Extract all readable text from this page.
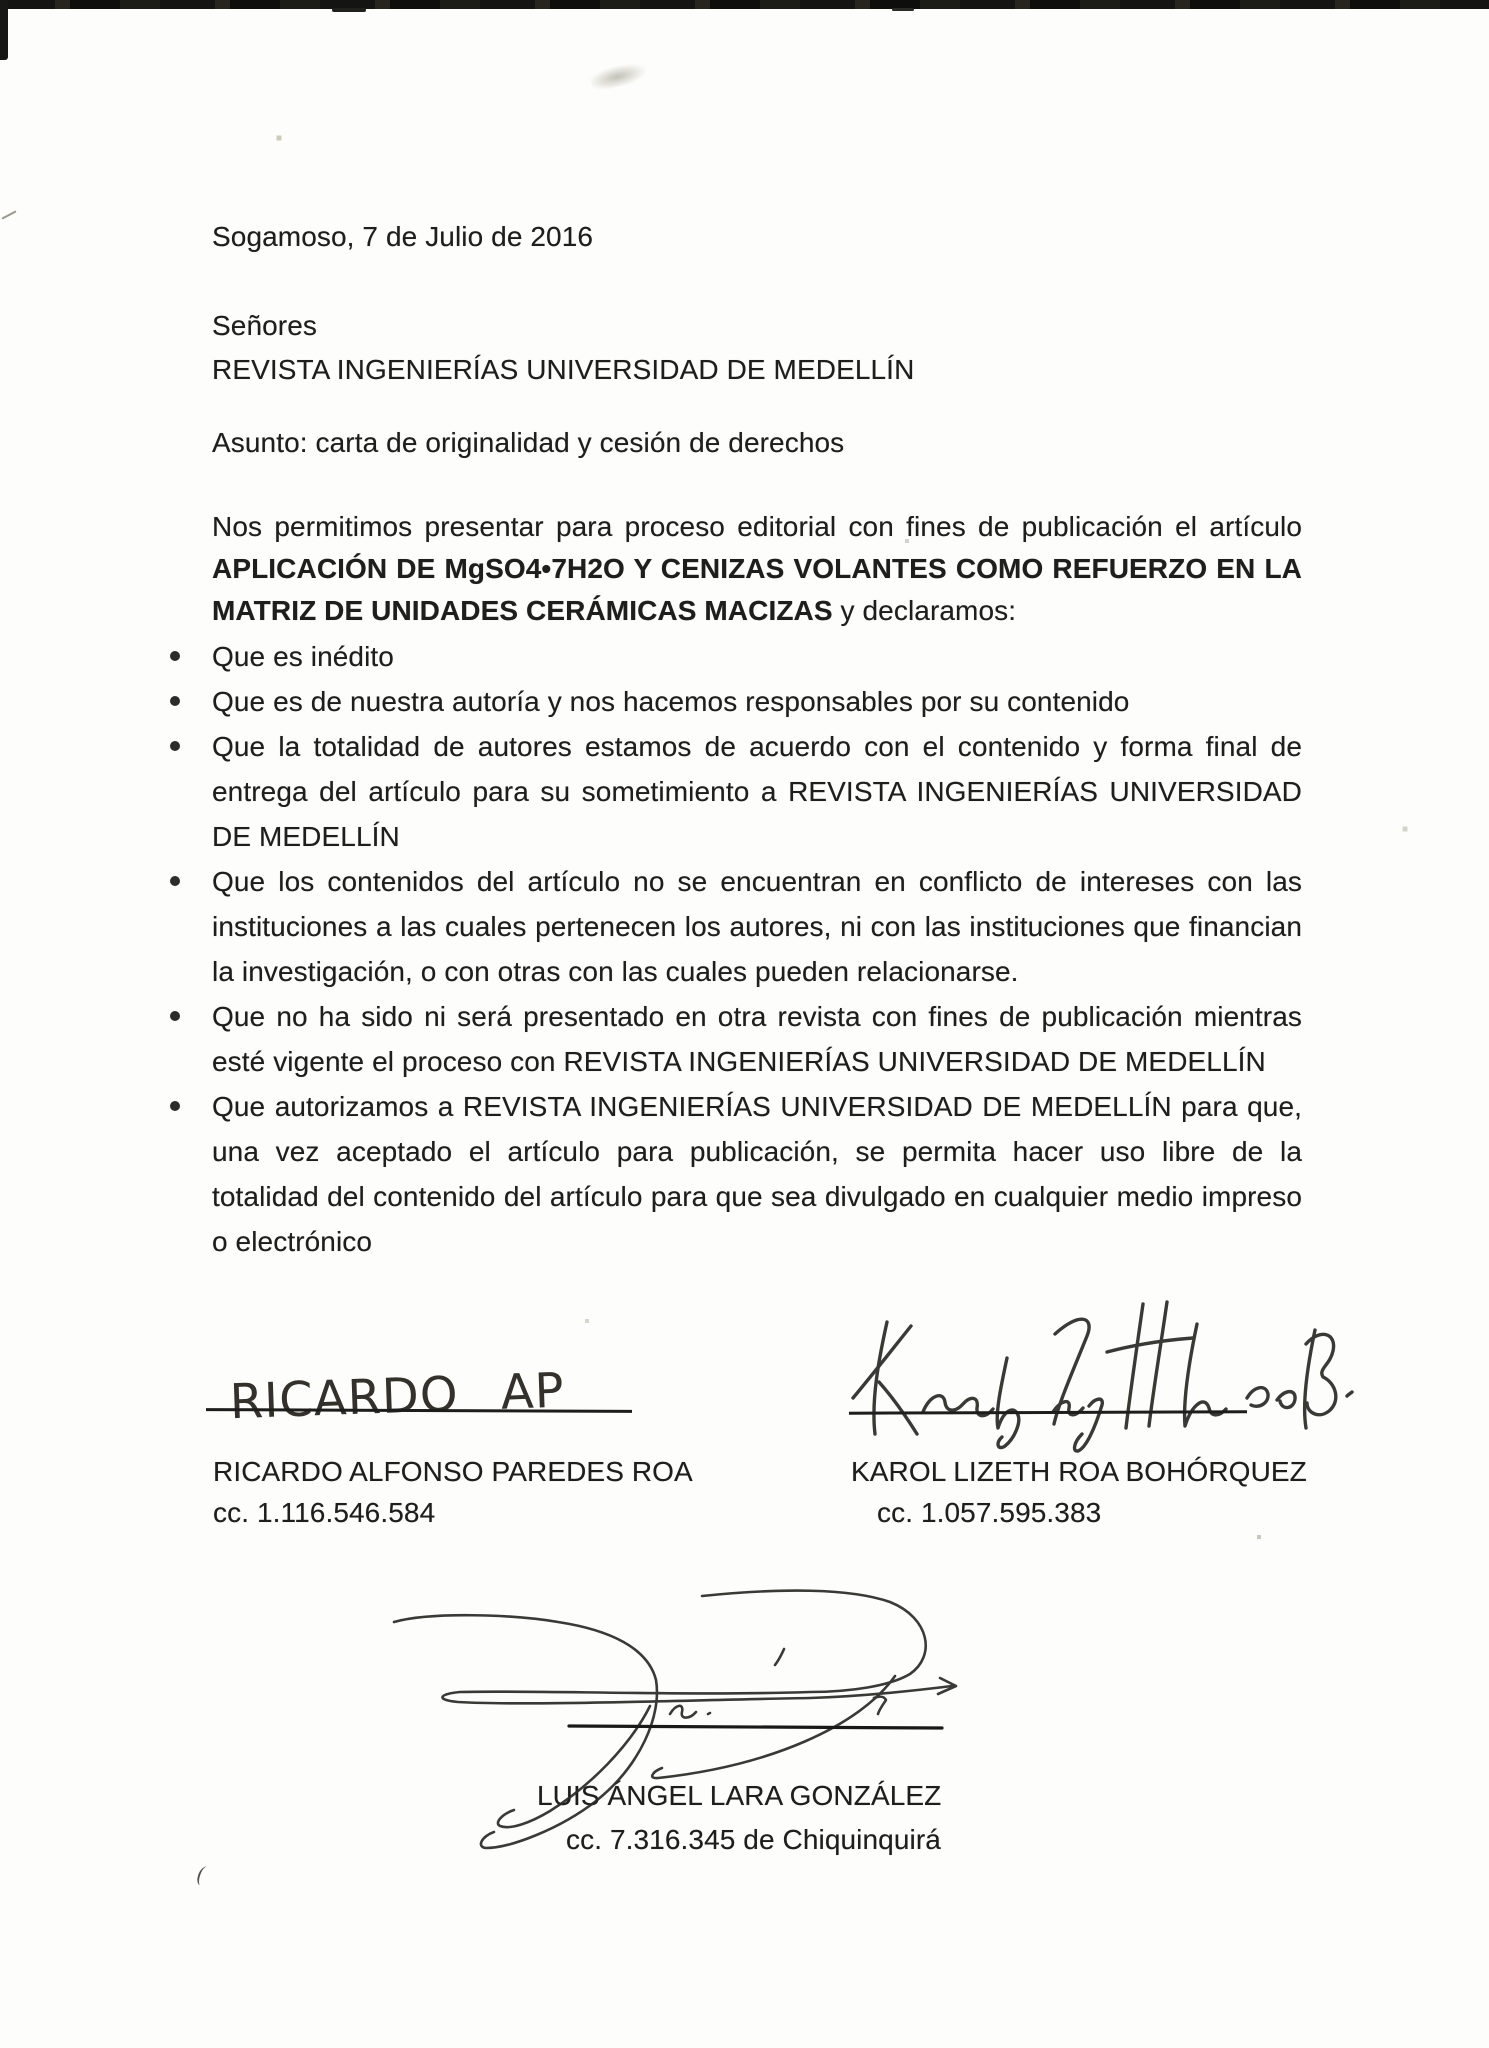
Sogamoso, 7 de Julio de 2016

Señores

REVISTA INGENIERÍAS UNIVERSIDAD DE MEDELLÍN

Asunto: carta de originalidad y cesión de derechos

Nos permitimos presentar para proceso editorial con fines de publicación el artículo APLICACIÓN DE MgSO4•7H2O Y CENIZAS VOLANTES COMO REFUERZO EN LA MATRIZ DE UNIDADES CERÁMICAS MACIZAS y declaramos:

Que es inédito
Que es de nuestra autoría y nos hacemos responsables por su contenido
Que la totalidad de autores estamos de acuerdo con el contenido y forma final de entrega del artículo para su sometimiento a REVISTA INGENIERÍAS UNIVERSIDAD DE MEDELLÍN
Que los contenidos del artículo no se encuentran en conflicto de intereses con las instituciones a las cuales pertenecen los autores, ni con las instituciones que financian la investigación, o con otras con las cuales pueden relacionarse.
Que no ha sido ni será presentado en otra revista con fines de publicación mientras esté vigente el proceso con REVISTA INGENIERÍAS UNIVERSIDAD DE MEDELLÍN
Que autorizamos a REVISTA INGENIERÍAS UNIVERSIDAD DE MEDELLÍN para que, una vez aceptado el artículo para publicación, se permita hacer uso libre de la totalidad del contenido del artículo para que sea divulgado en cualquier medio impreso o electrónico
RICARDO AP

RICARDO ALFONSO PAREDES ROA

cc. 1.116.546.584

KAROL LIZETH ROA BOHÓRQUEZ

cc. 1.057.595.383

LUIS ÁNGEL LARA GONZÁLEZ

cc. 7.316.345 de Chiquinquirá
